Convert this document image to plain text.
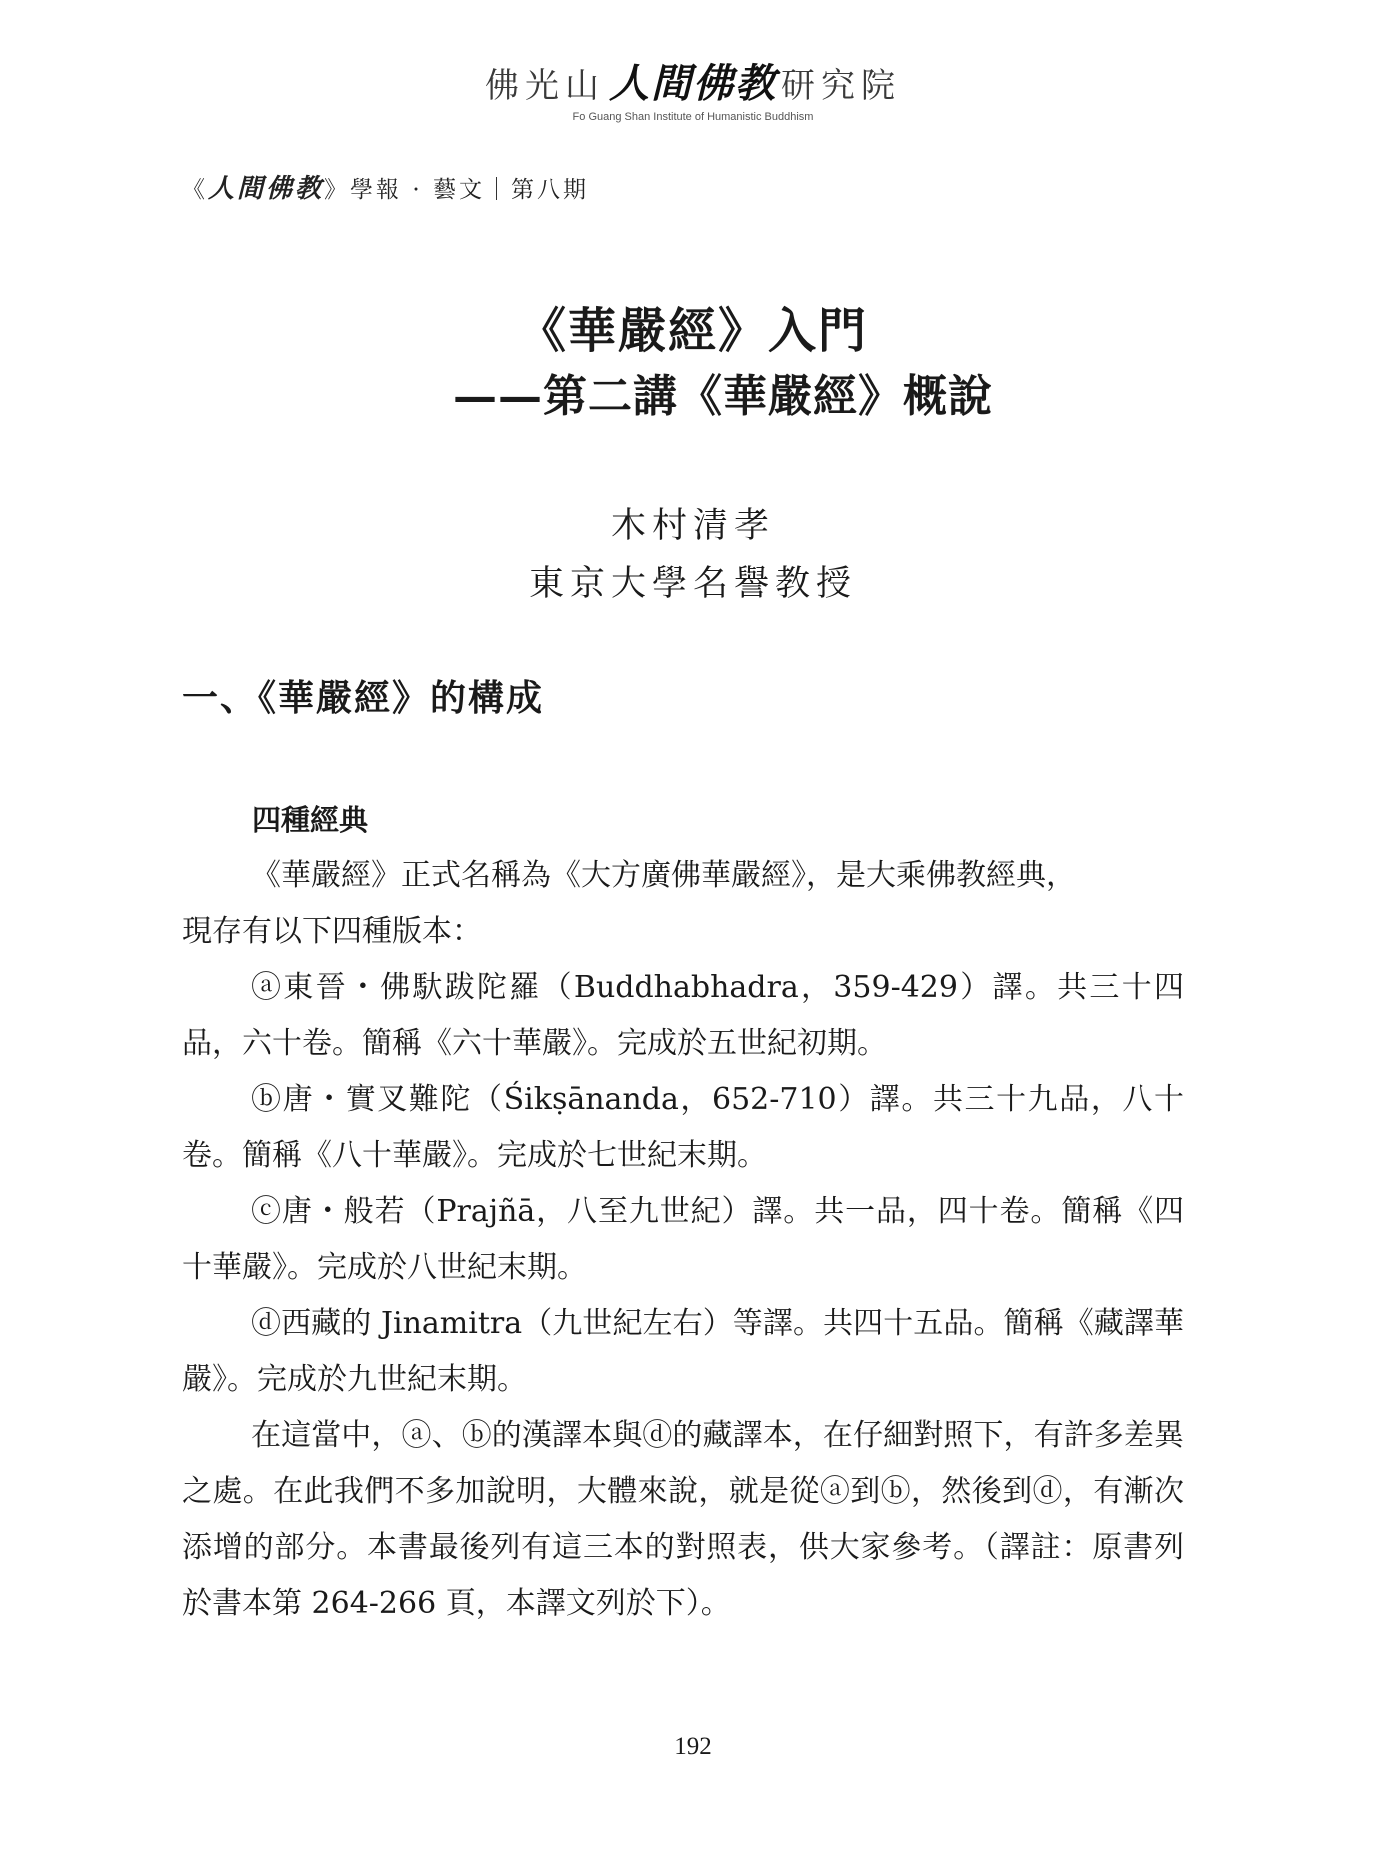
佛光山 人間佛教 研究院
Fo Guang Shan Institute of Humanistic Buddhism
《人間佛教》學報 · 藝文｜第八期
《華嚴經》入門
——第二講《華嚴經》概說
木村清孝
東京大學名譽教授
一、《華嚴經》的構成
四種經典

《華嚴經》正式名稱為《大方廣佛華嚴經》，是大乘佛教經典，

現存有以下四種版本：

ⓐ東晉・佛馱跋陀羅（Buddhabhadra，359-429）譯。共三十四品，六十卷。簡稱《六十華嚴》。完成於五世紀初期。

ⓑ唐・實叉難陀（Śikṣānanda，652-710）譯。共三十九品，八十卷。簡稱《八十華嚴》。完成於七世紀末期。

ⓒ唐・般若（Prajñā，八至九世紀）譯。共一品，四十卷。簡稱《四十華嚴》。完成於八世紀末期。

ⓓ西藏的 Jinamitra（九世紀左右）等譯。共四十五品。簡稱《藏譯華嚴》。完成於九世紀末期。

在這當中，ⓐ、ⓑ的漢譯本與ⓓ的藏譯本，在仔細對照下，有許多差異之處。在此我們不多加說明，大體來說，就是從ⓐ到ⓑ，然後到ⓓ，有漸次添增的部分。本書最後列有這三本的對照表，供大家參考。（譯註：原書列於書本第 264-266 頁，本譯文列於下）。

192
